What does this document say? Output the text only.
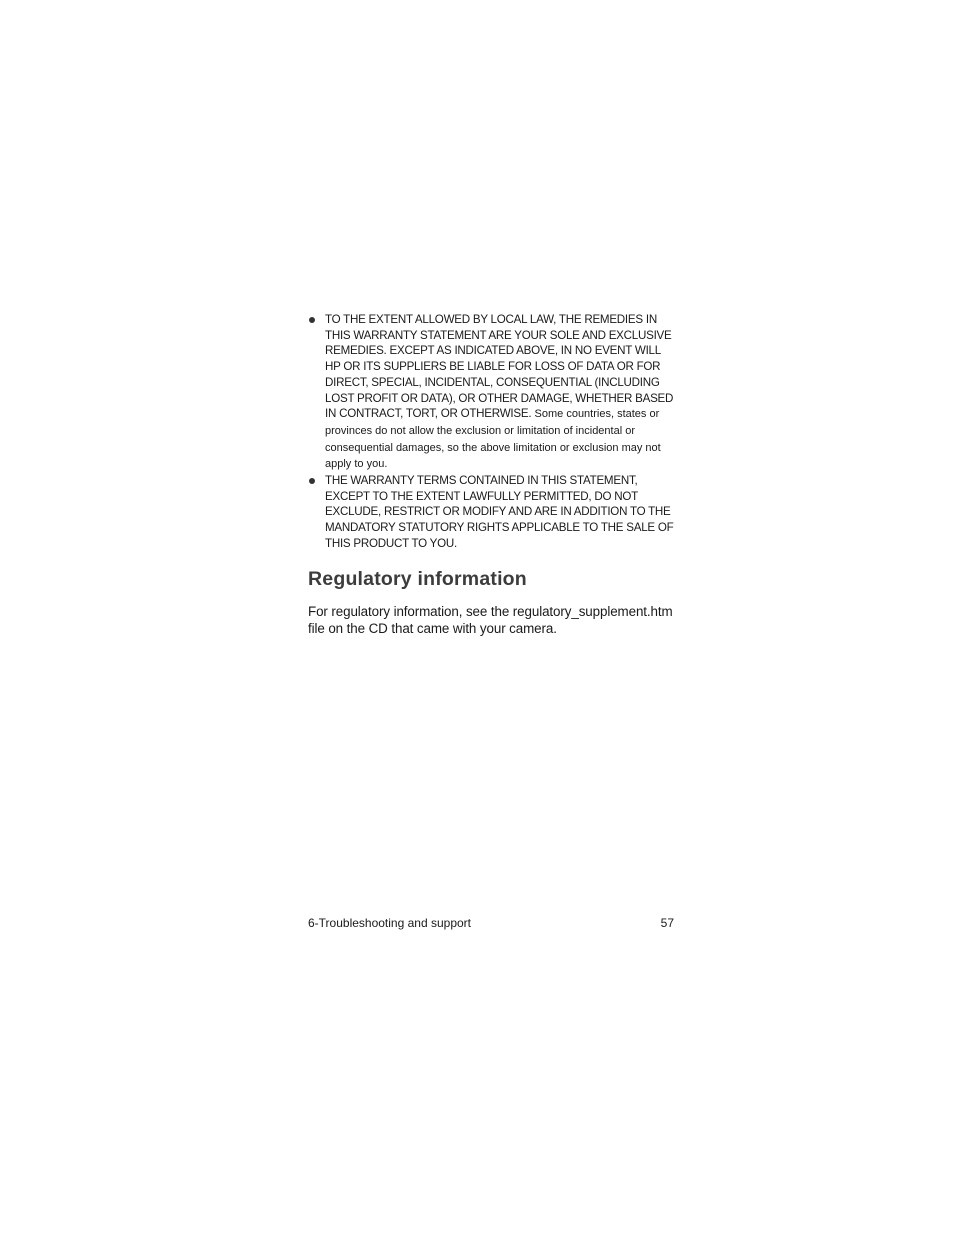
TO THE EXTENT ALLOWED BY LOCAL LAW, THE REMEDIES IN THIS WARRANTY STATEMENT ARE YOUR SOLE AND EXCLUSIVE REMEDIES. EXCEPT AS INDICATED ABOVE, IN NO EVENT WILL HP OR ITS SUPPLIERS BE LIABLE FOR LOSS OF DATA OR FOR DIRECT, SPECIAL, INCIDENTAL, CONSEQUENTIAL (INCLUDING LOST PROFIT OR DATA), OR OTHER DAMAGE, WHETHER BASED IN CONTRACT, TORT, OR OTHERWISE. Some countries, states or provinces do not allow the exclusion or limitation of incidental or consequential damages, so the above limitation or exclusion may not apply to you.
THE WARRANTY TERMS CONTAINED IN THIS STATEMENT, EXCEPT TO THE EXTENT LAWFULLY PERMITTED, DO NOT EXCLUDE, RESTRICT OR MODIFY AND ARE IN ADDITION TO THE MANDATORY STATUTORY RIGHTS APPLICABLE TO THE SALE OF THIS PRODUCT TO YOU.
Regulatory information

For regulatory information, see the regulatory_supplement.htm file on the CD that came with your camera.

6-Troubleshooting and support	57
